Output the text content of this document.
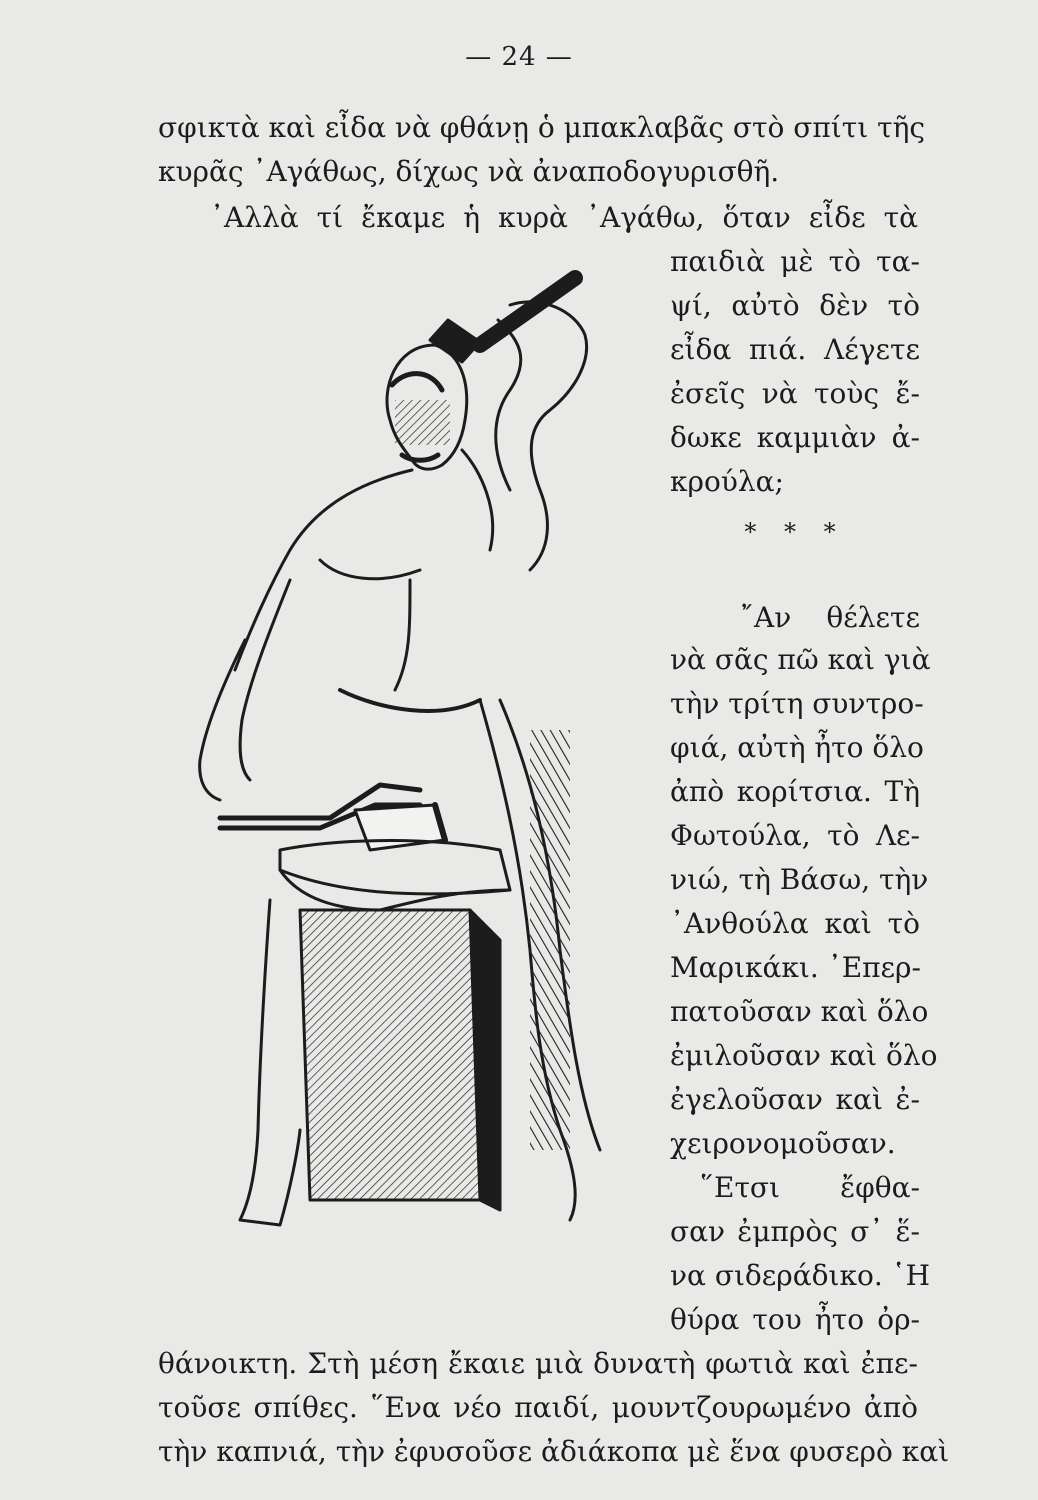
— 24 —
σφικτὰ καὶ εἶδα νὰ φθάνῃ ὁ μπακλαβᾶς στὸ σπίτι τῆς
κυρᾶς ᾿Αγάθως, δίχως νὰ ἀναποδογυρισθῆ.
᾿Αλλὰ τί ἔκαμε ἡ κυρὰ ᾿Αγάθω, ὅταν εἶδε τὰ
παιδιὰ μὲ τὸ τα-
ψί, αὐτὸ δὲν τὸ
εἶδα πιά. Λέγετε
ἐσεῖς νὰ τοὺς ἔ-
δωκε καμμιὰν ἀ-
κρούλα;
* * *
῎Αν θέλετε
νὰ σᾶς πῶ καὶ γιὰ
τὴν τρίτη συντρο-
φιά, αὐτὴ ἦτο ὅλο
ἀπὸ κορίτσια. Τὴ
Φωτούλα, τὸ Λε-
νιώ, τὴ Βάσω, τὴν
᾿Ανθούλα καὶ τὸ
Μαρικάκι. ᾿Επερ-
πατοῦσαν καὶ ὅλο
ἐμιλοῦσαν καὶ ὅλο
ἐγελοῦσαν καὶ ἐ-
χειρονομοῦσαν.
῞Ετσι ἔφθα-
σαν ἐμπρὸς σ᾿ ἕ-
να σιδεράδικο. ῾Η
θύρα του ἦτο ὀρ-
θάνοικτη. Στὴ μέση ἔκαιε μιὰ δυνατὴ φωτιὰ καὶ ἐπε-
τοῦσε σπίθες. ῞Ενα νέο παιδί, μουντζουρωμένο ἀπὸ
τὴν καπνιά, τὴν ἐφυσοῦσε ἀδιάκοπα μὲ ἕνα φυσερὸ καὶ
